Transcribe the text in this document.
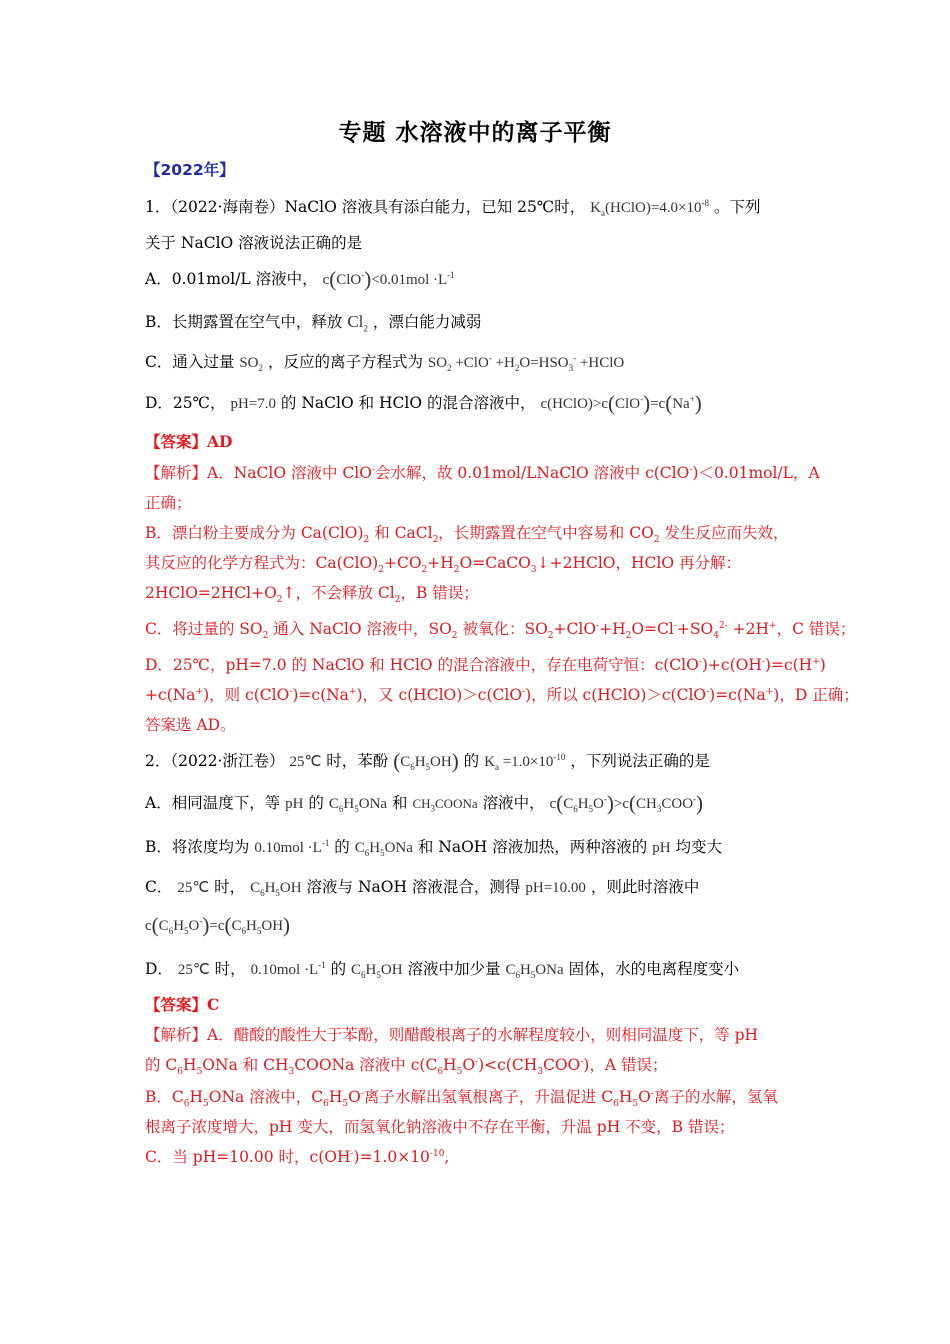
专题 水溶液中的离子平衡
【2022年】
1．（2022·海南卷）NaClO 溶液具有添白能力，已知 25℃时， $K_a(HClO)=4.0\times 10^{-8}$ 。下列
关于 NaClO 溶液说法正确的是
A．0.01mol/L 溶液中， $c(ClO^-)<0.01mol \cdot L^{-1}$
B．长期露置在空气中，释放 $Cl_2$ ，漂白能力减弱
C．通入过量 $SO_2$ ，反应的离子方程式为 $SO_2 +ClO^- +H_2O=HSO_3^-$ +HClO
D．25℃， pH=7.0 的 NaClO 和 HClO 的混合溶液中， c(HClO)>c(ClO-)=c(Na+)
【答案】AD
【解析】A．NaClO 溶液中 ClO-会水解，故 0.01mol/LNaClO 溶液中 c(ClO-)＜0.01mol/L，A
正确；
B．漂白粉主要成分为 $Ca(ClO)_2$ 和 CaCl$_2$，长期露置在空气中容易和 $CO_2$ 发生反应而失效，
其反应的化学方程式为：$Ca(ClO)_2+CO_2+H_2O=CaCO_3↓+2HClO$，HClO 再分解：
$2HClO=2HCl+O_2↑$，不会释放 $Cl_2$，B 错误；
C．将过量的 $SO_2$ 通入 NaClO 溶液中，$SO_2$ 被氧化：$SO_2+ClO^-+H_2O=Cl^-+SO_4^{2-} +2H^+$，C 错误；
D．25℃，pH=7.0 的 NaClO 和 HClO 的混合溶液中，存在电荷守恒：c(ClO-)+c(OH-)=c(H+)
+c(Na+)，则 c(ClO-)=c(Na+)，又 c(HClO)＞c(ClO-)，所以 c(HClO)＞c(ClO-)=c(Na+)，D 正确；
答案选 AD。
2．（2022·浙江卷） 25℃ 时，苯酚 $(C_6H_5OH)$ 的 $K_a =1.0\times 10^{-10}$ ，下列说法正确的是
A．相同温度下，等 pH 的 $C_6H_5ONa$ 和 $CH_3COONa$ 溶液中， $c(C_6H_5O^-)>c(CH_3COO^-)$
B．将浓度均为 $0.10mol \cdot L^{-1}$ 的 $C_6H_5ONa$ 和 NaOH 溶液加热，两种溶液的 pH 均变大
C． 25℃ 时， $C_6H_5OH$ 溶液与 NaOH 溶液混合，测得 pH=10.00 ，则此时溶液中
$c(C_6H_5O^-)=c(C_6H_5OH)$
D． 25℃ 时， $0.10mol \cdot L^{-1}$ 的 $C_6H_5OH$ 溶液中加少量 $C_6H_5ONa$ 固体，水的电离程度变小
【答案】C
【解析】A．醋酸的酸性大于苯酚，则醋酸根离子的水解程度较小，则相同温度下，等 pH
的 $C_6H_5ONa$ 和 $CH_3COONa$ 溶液中 $c(C_6H_5O^-)<c(CH_3COO^-)$，A 错误；
B．$C_6H_5ONa$ 溶液中，$C_6H_5O^-$离子水解出氢氧根离子，升温促进 $C_6H_5O^-$离子的水解，氢氧
根离子浓度增大，pH 变大，而氢氧化钠溶液中不存在平衡，升温 pH 不变，B 错误；
C．当 pH=10.00 时，$c(OH^-)=1.0\times 10^{-10}$,
